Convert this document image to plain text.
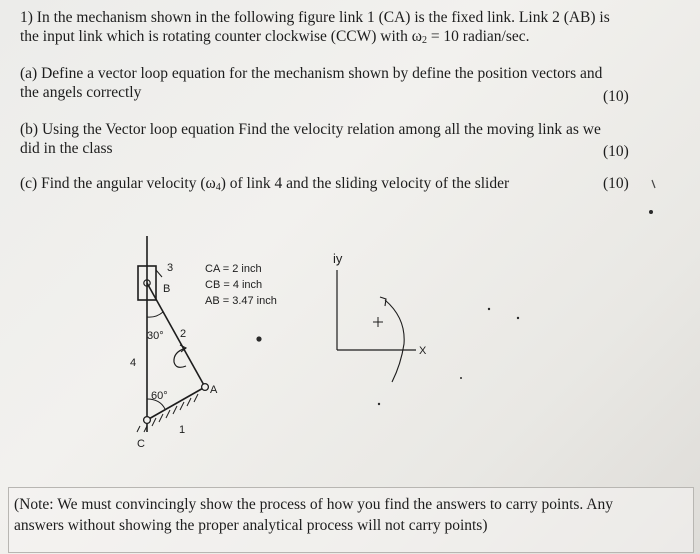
1) In the mechanism shown in the following figure link 1 (CA) is the fixed link. Link 2 (AB) is
the input link which is rotating counter clockwise (CCW) with $\omega_2 = 10$ radian/sec.
(a) Define a vector loop equation for the mechanism shown by define the position vectors and
the angels correctly	(10)
(b) Using the Vector loop equation Find the velocity relation among all the moving link as we
did in the class	(10)
(c) Find the angular velocity $(\omega_4)$ of link 4 and the sliding velocity of the slider	(10)
3
B
30° 2
4
60°	A
1
C
CA = 2 inch
CB = 4 inch
AB = 3.47 inch
iy
X
(Note: We must convincingly show the process of how you find the answers to carry points. Any
answers without showing the proper analytical process will not carry points)
